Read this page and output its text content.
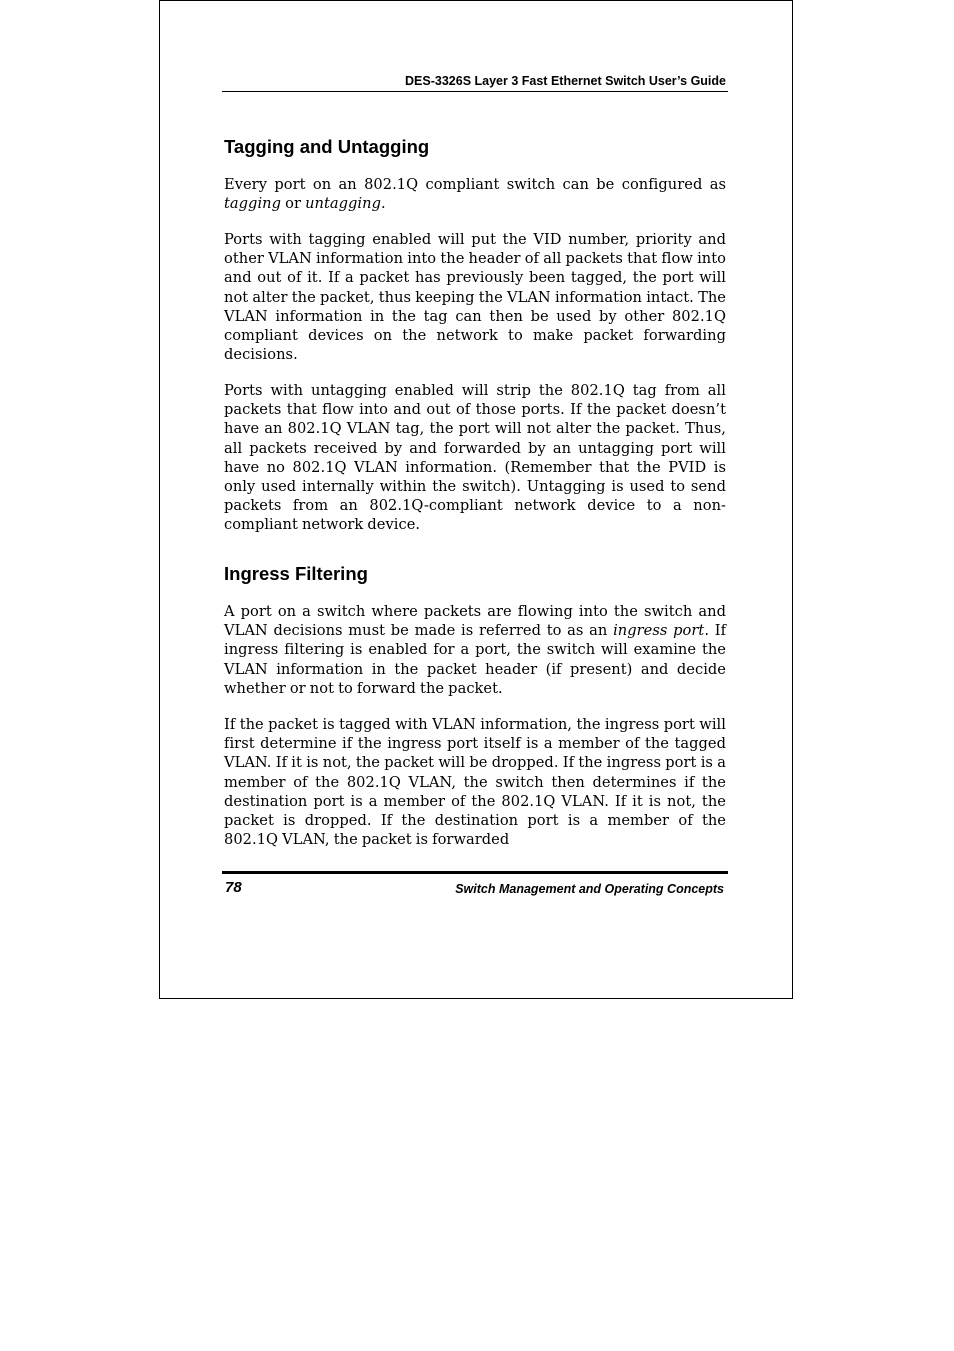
DES-3326S Layer 3 Fast Ethernet Switch User’s Guide
Tagging and Untagging

Every port on an 802.1Q compliant switch can be configured as tagging or untagging.

Ports with tagging enabled will put the VID number, priority and other VLAN information into the header of all packets that flow into and out of it. If a packet has previously been tagged, the port will not alter the packet, thus keeping the VLAN information intact. The VLAN information in the tag can then be used by other 802.1Q compliant devices on the network to make packet forwarding decisions.

Ports with untagging enabled will strip the 802.1Q tag from all packets that flow into and out of those ports. If the packet doesn’t have an 802.1Q VLAN tag, the port will not alter the packet. Thus, all packets received by and forwarded by an untagging port will have no 802.1Q VLAN information. (Remember that the PVID is only used internally within the switch). Untagging is used to send packets from an 802.1Q-compliant network device to a non-compliant network device.

Ingress Filtering

A port on a switch where packets are flowing into the switch and VLAN decisions must be made is referred to as an ingress port. If ingress filtering is enabled for a port, the switch will examine the VLAN information in the packet header (if present) and decide whether or not to forward the packet.

If the packet is tagged with VLAN information, the ingress port will first determine if the ingress port itself is a member of the tagged VLAN. If it is not, the packet will be dropped. If the ingress port is a member of the 802.1Q VLAN, the switch then determines if the destination port is a member of the 802.1Q VLAN. If it is not, the packet is dropped. If the destination port is a member of the 802.1Q VLAN, the packet is forwarded

78	Switch Management and Operating Concepts
